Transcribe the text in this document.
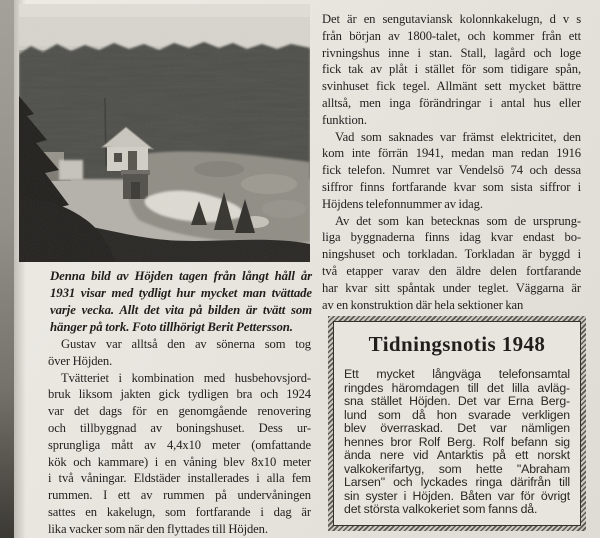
Denna bild av Höjden tagen från långt håll år
1931 visar med tydligt hur mycket man tvättade
varje vecka. Allt det vita på bilden är tvätt som
hänger på tork. Foto tillhörigt Berit Pettersson.
Gustav var alltså den av sönerna som tog
över Höjden.
Tvätteriet i kombination med husbehovsjord-
bruk liksom jakten gick tydligen bra och 1924
var det dags för en genomgående renovering
och tillbyggnad av boningshuset. Dess ur-
sprungliga mått av 4,4x10 meter (omfattande
kök och kammare) i en våning blev 8x10 meter
i två våningar. Eldstäder installerades i alla fem
rummen. I ett av rummen på undervåningen
sattes en kakelugn, som fortfarande i dag är
lika vacker som när den flyttades till Höjden.
Det är en sengutaviansk kolonnkakelugn, d v s
från början av 1800-talet, och kommer från ett
rivningshus inne i stan. Stall, lagård och loge
fick tak av plåt i stället för som tidigare spån,
svinhuset fick tegel. Allmänt sett mycket bättre
alltså, men inga förändringar i antal hus eller
funktion.
Vad som saknades var främst elektricitet, den
kom inte förrän 1941, medan man redan 1916
fick telefon. Numret var Vendelsö 74 och dessa
siffror finns fortfarande kvar som sista siffror i
Höjdens telefonnummer av idag.
Av det som kan betecknas som de ursprung-
liga byggnaderna finns idag kvar endast bo-
ningshuset och torkladan. Torkladan är byggd i
två etapper varav den äldre delen fortfarande
har kvar sitt spåntak under teglet. Väggarna är
av en konstruktion där hela sektioner kan
Tidningsnotis 1948
Ett mycket långväga telefonsamtal
ringdes häromdagen till det lilla avläg-
sna stället Höjden. Det var Erna Berg-
lund som då hon svarade verkligen
blev överraskad. Det var nämligen
hennes bror Rolf Berg. Rolf befann sig
ända nere vid Antarktis på ett norskt
valkokerifartyg, som hette "Abraham
Larsen" och lyckades ringa därifrån till
sin syster i Höjden. Båten var för övrigt
det största valkokeriet som fanns då.
